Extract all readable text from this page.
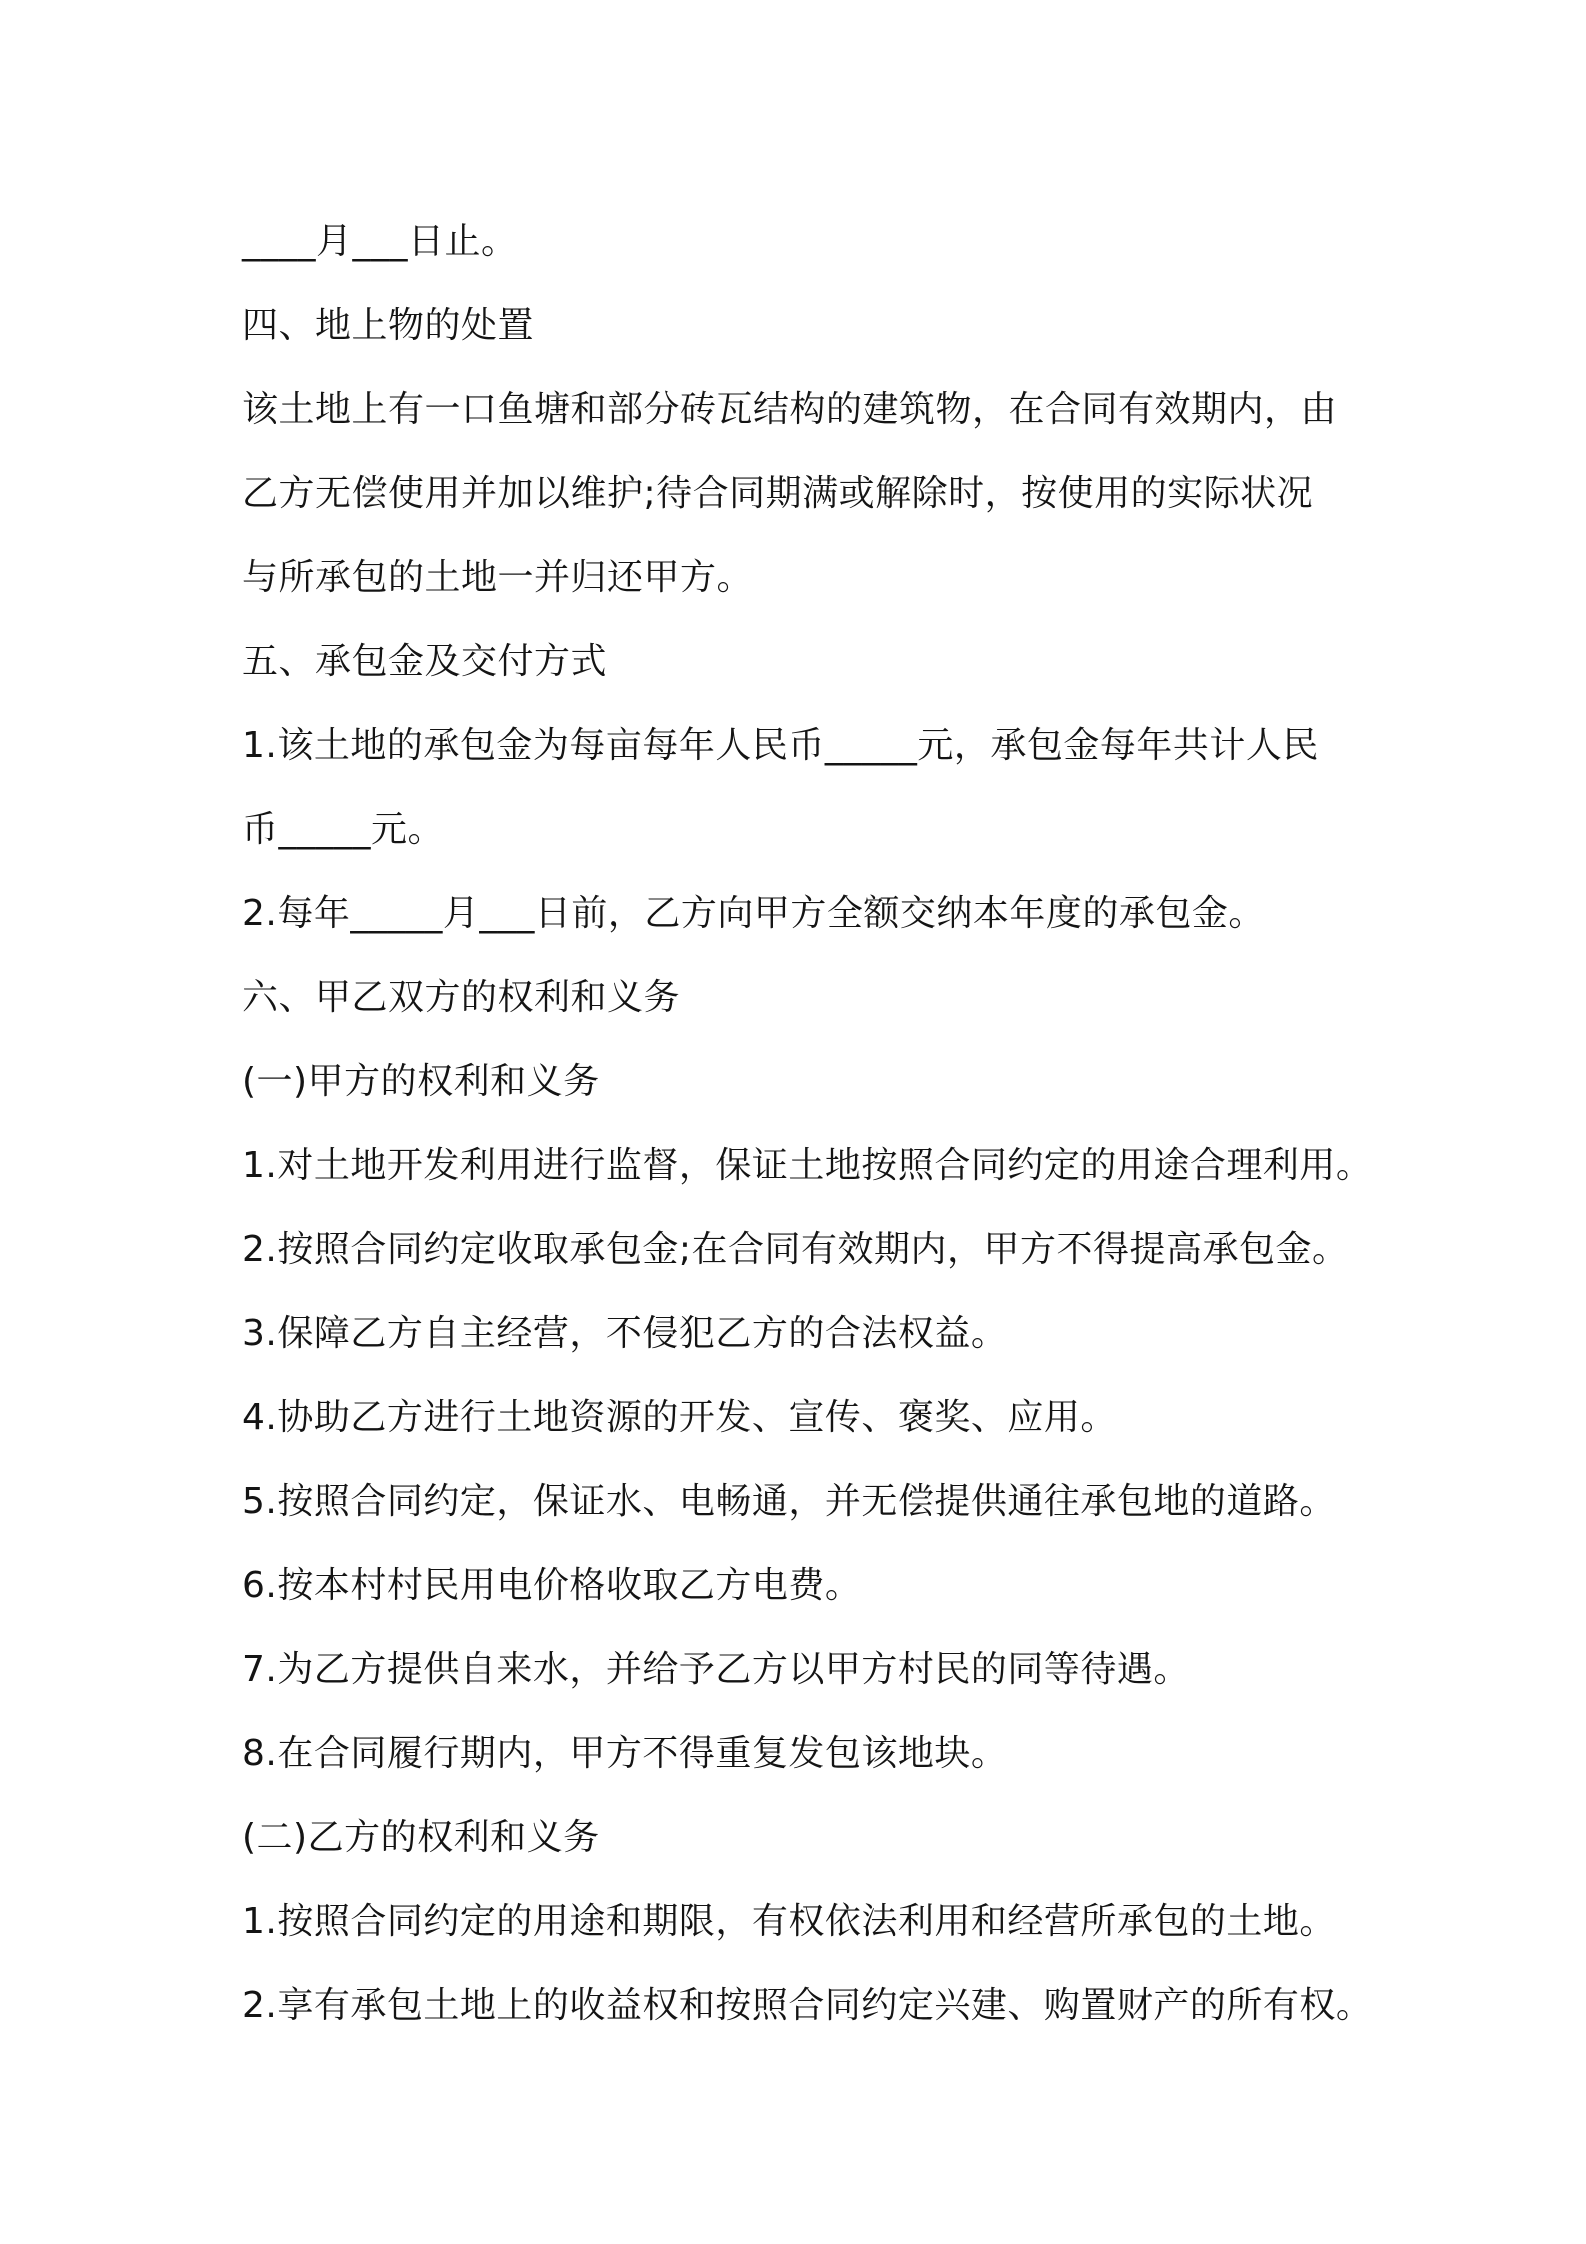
____月___日止。
四、地上物的处置
该土地上有一口鱼塘和部分砖瓦结构的建筑物，在合同有效期内，由
乙方无偿使用并加以维护;待合同期满或解除时，按使用的实际状况
与所承包的土地一并归还甲方。
五、承包金及交付方式
1.该土地的承包金为每亩每年人民币_____元，承包金每年共计人民
币_____元。
2.每年_____月___日前，乙方向甲方全额交纳本年度的承包金。
六、甲乙双方的权利和义务
(一)甲方的权利和义务
1.对土地开发利用进行监督，保证土地按照合同约定的用途合理利用。
2.按照合同约定收取承包金;在合同有效期内，甲方不得提高承包金。
3.保障乙方自主经营，不侵犯乙方的合法权益。
4.协助乙方进行土地资源的开发、宣传、褒奖、应用。
5.按照合同约定，保证水、电畅通，并无偿提供通往承包地的道路。
6.按本村村民用电价格收取乙方电费。
7.为乙方提供自来水，并给予乙方以甲方村民的同等待遇。
8.在合同履行期内，甲方不得重复发包该地块。
(二)乙方的权利和义务
1.按照合同约定的用途和期限，有权依法利用和经营所承包的土地。
2.享有承包土地上的收益权和按照合同约定兴建、购置财产的所有权。
